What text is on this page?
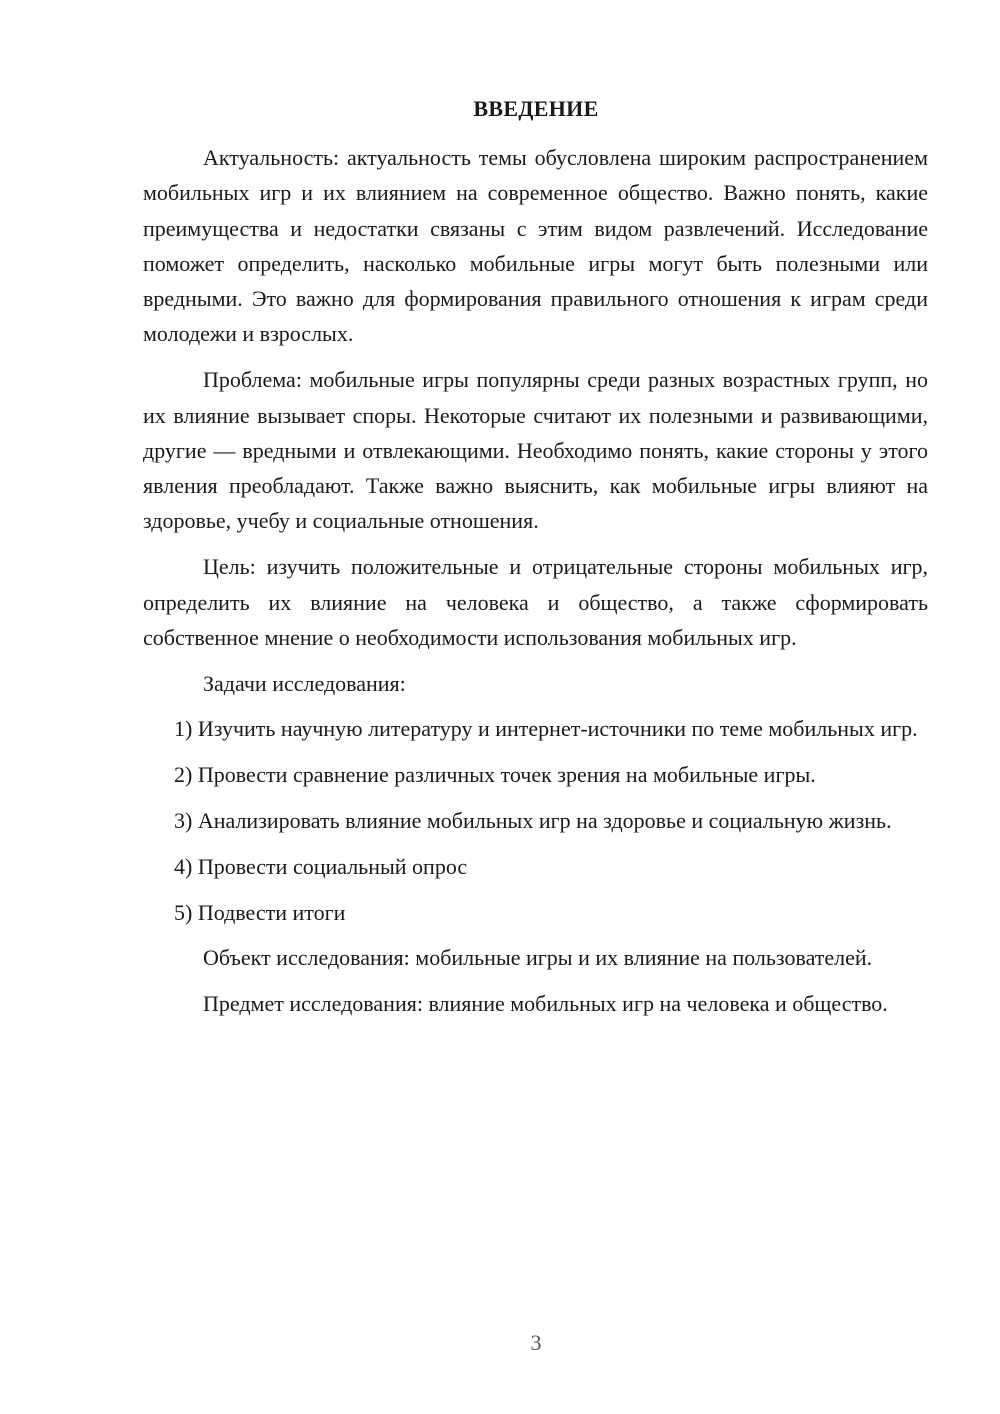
ВВЕДЕНИЕ

Актуальность: актуальность темы обусловлена широким распространением мобильных игр и их влиянием на современное общество. Важно понять, какие преимущества и недостатки связаны с этим видом развлечений. Исследование поможет определить, насколько мобильные игры могут быть полезными или вредными. Это важно для формирования правильного отношения к играм среди молодежи и взрослых.

Проблема: мобильные игры популярны среди разных возрастных групп, но их влияние вызывает споры. Некоторые считают их полезными и развивающими, другие — вредными и отвлекающими. Необходимо понять, какие стороны у этого явления преобладают. Также важно выяснить, как мобильные игры влияют на здоровье, учебу и социальные отношения.

Цель: изучить положительные и отрицательные стороны мобильных игр, определить их влияние на человека и общество, а также сформировать собственное мнение о необходимости использования мобильных игр.

Задачи исследования:

1) Изучить научную литературу и интернет-источники по теме мобильных игр.

2) Провести сравнение различных точек зрения на мобильные игры.

3) Анализировать влияние мобильных игр на здоровье и социальную жизнь.

4) Провести социальный опрос

5) Подвести итоги

Объект исследования: мобильные игры и их влияние на пользователей.

Предмет исследования: влияние мобильных игр на человека и общество.

3
